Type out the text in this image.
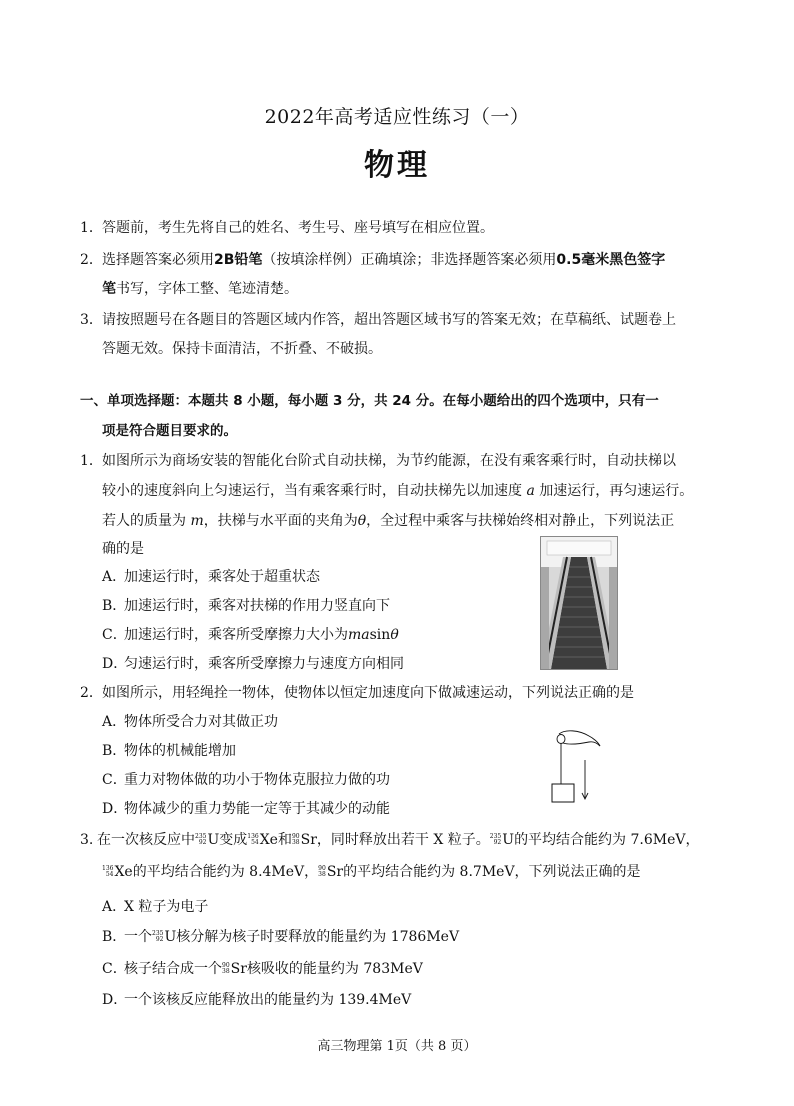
2022年高考适应性练习（一）
物理
1．答题前，考生先将自己的姓名、考生号、座号填写在相应位置。
2．选择题答案必须用2B铅笔（按填涂样例）正确填涂；非选择题答案必须用0.5毫米黑色签字
笔书写，字体工整、笔迹清楚。
3．请按照题号在各题目的答题区域内作答，超出答题区域书写的答案无效；在草稿纸、试题卷上
答题无效。保持卡面清洁，不折叠、不破损。
一、单项选择题：本题共 8 小题，每小题 3 分，共 24 分。在每小题给出的四个选项中，只有一
项是符合题目要求的。
1．如图所示为商场安装的智能化台阶式自动扶梯，为节约能源，在没有乘客乘行时，自动扶梯以
较小的速度斜向上匀速运行，当有乘客乘行时，自动扶梯先以加速度 a 加速运行，再匀速运行。
若人的质量为 m，扶梯与水平面的夹角为θ，全过程中乘客与扶梯始终相对静止，下列说法正
确的是
A．加速运行时，乘客处于超重状态
B．加速运行时，乘客对扶梯的作用力竖直向下
C．加速运行时，乘客所受摩擦力大小为masinθ
D．匀速运行时，乘客所受摩擦力与速度方向相同
2．如图所示，用轻绳拴一物体，使物体以恒定加速度向下做减速运动，下列说法正确的是
A．物体所受合力对其做正功
B．物体的机械能增加
C．重力对物体做的功小于物体克服拉力做的功
D．物体减少的重力势能一定等于其减少的动能
3. 在一次核反应中235
92U变成136
54Xe和90
38Sr，同时释放出若干 X 粒子。235
92U的平均结合能约为 7.6MeV，
136
54Xe的平均结合能约为 8.4MeV，90
38Sr的平均结合能约为 8.7MeV，下列说法正确的是
A．X 粒子为电子
B．一个235
92U核分解为核子时要释放的能量约为 1786MeV
C．核子结合成一个90
38Sr核吸收的能量约为 783MeV
D．一个该核反应能释放出的能量约为 139.4MeV
高三物理第 1页（共 8 页）
